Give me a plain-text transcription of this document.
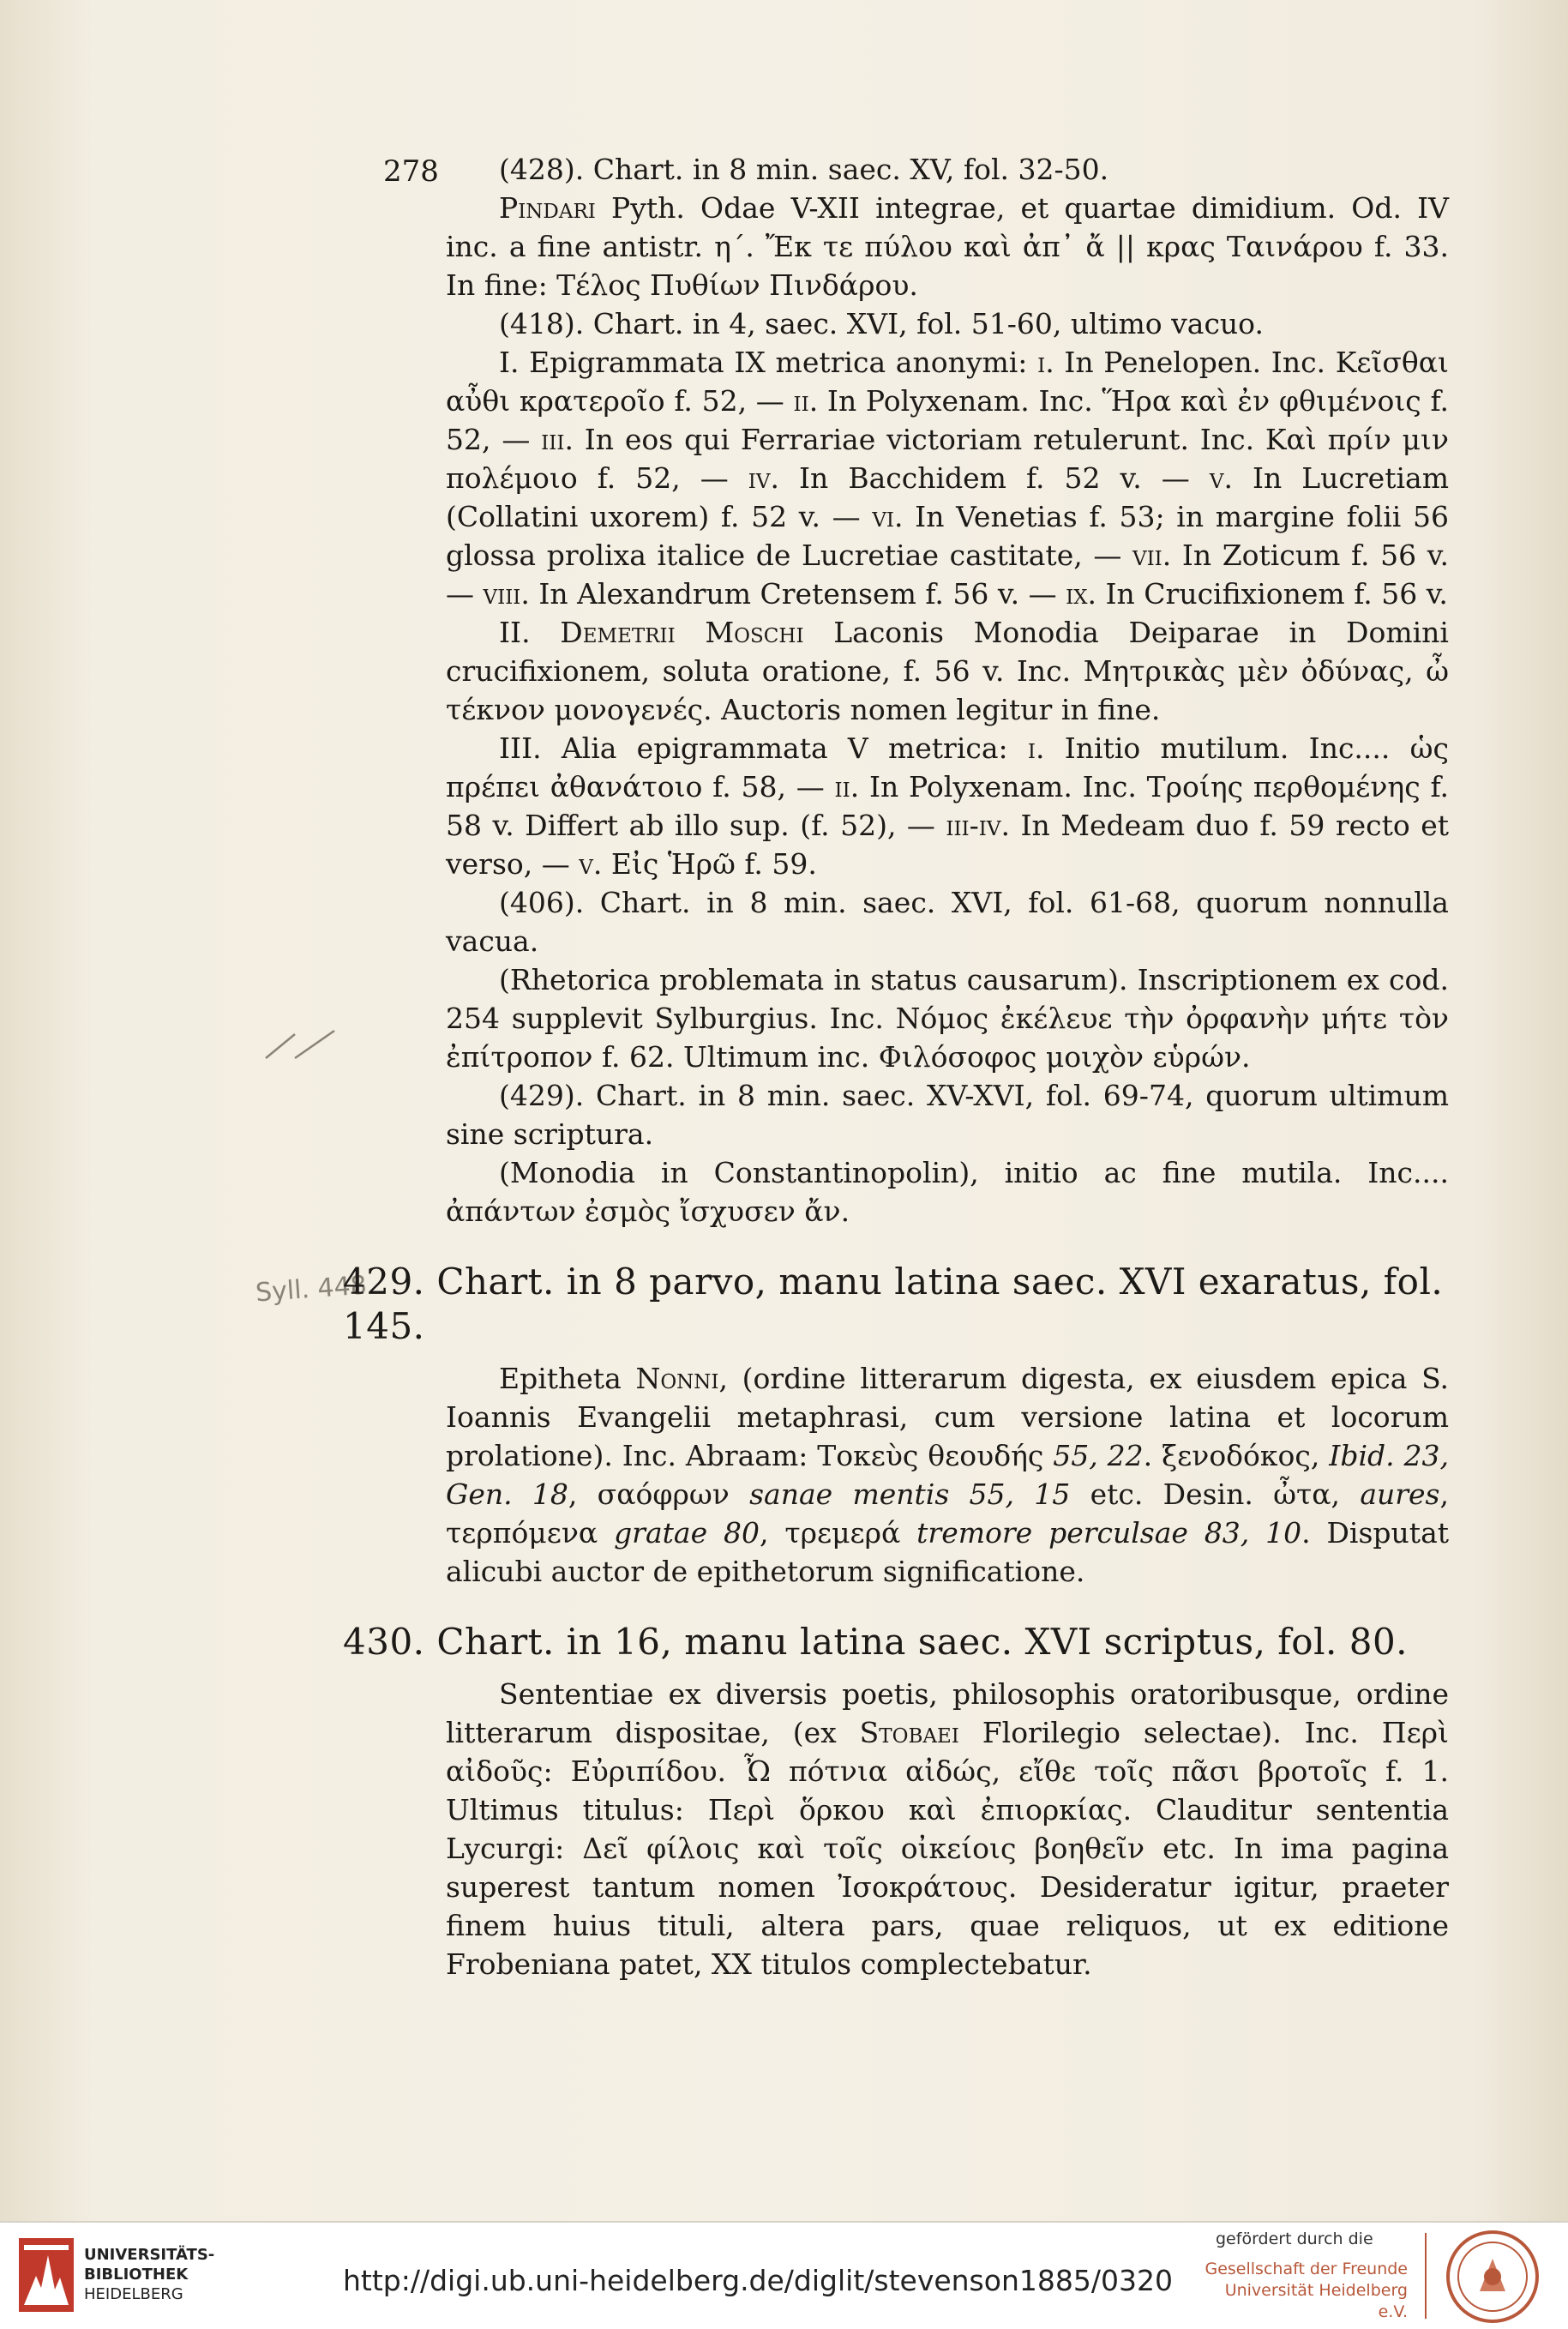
278
Syll. 448

(428). Chart. in 8 min. saec. XV, fol. 32-50.

Pindari Pyth. Odae V-XII integrae, et quartae dimidium. Od. IV inc. a fine antistr. η΄. Ἔκ τε πύλου καὶ ἀπ᾽ ἄ || κρας Ταινάρου f. 33. In fine: Τέλος Πυθίων Πινδάρου.

(418). Chart. in 4, saec. XVI, fol. 51-60, ultimo vacuo.

I. Epigrammata IX metrica anonymi: i. In Penelopen. Inc. Κεῖσθαι αὖθι κρατεροῖο f. 52, — ii. In Polyxenam. Inc. Ἥρα καὶ ἐν φθιμένοις f. 52, — iii. In eos qui Ferrariae victoriam retulerunt. Inc. Καὶ πρίν μιν πολέμοιο f. 52, — iv. In Bacchidem f. 52 v. — v. In Lucretiam (Collatini uxorem) f. 52 v. — vi. In Venetias f. 53; in margine folii 56 glossa prolixa italice de Lucretiae castitate, — vii. In Zoticum f. 56 v. — viii. In Alexandrum Cretensem f. 56 v. — ix. In Crucifixionem f. 56 v.

II. Demetrii Moschi Laconis Monodia Deiparae in Domini crucifixionem, soluta oratione, f. 56 v. Inc. Μητρικὰς μὲν ὀδύνας, ὦ τέκνον μονογενές. Auctoris nomen legitur in fine.

III. Alia epigrammata V metrica: i. Initio mutilum. Inc.... ὡς πρέπει ἀθανάτοιο f. 58, — ii. In Polyxenam. Inc. Τροίης περθομένης f. 58 v. Differt ab illo sup. (f. 52), — iii-iv. In Medeam duo f. 59 recto et verso, — v. Εἰς Ἡρῶ f. 59.

(406). Chart. in 8 min. saec. XVI, fol. 61-68, quorum nonnulla vacua.

(Rhetorica problemata in status causarum). Inscriptionem ex cod. 254 supplevit Sylburgius. Inc. Νόμος ἐκέλευε τὴν ὀρφανὴν μήτε τὸν ἐπίτροπον f. 62. Ultimum inc. Φιλόσοφος μοιχὸν εὑρών.

(429). Chart. in 8 min. saec. XV-XVI, fol. 69-74, quorum ultimum sine scriptura.

(Monodia in Constantinopolin), initio ac fine mutila. Inc.... ἀπάντων ἐσμὸς ἴσχυσεν ἄν.

429. Chart. in 8 parvo, manu latina saec. XVI exaratus, fol. 145.

Epitheta Nonni, (ordine litterarum digesta, ex eiusdem epica S. Ioannis Evangelii metaphrasi, cum versione latina et locorum prolatione). Inc. Abraam: Τοκεὺς θεουδής 55, 22. ξενοδόκος, Ibid. 23, Gen. 18, σαόφρων sanae mentis 55, 15 etc. Desin. ὦτα, aures, τερπόμενα gratae 80, τρεμερά tremore perculsae 83, 10. Disputat alicubi auctor de epithetorum significatione.

430. Chart. in 16, manu latina saec. XVI scriptus, fol. 80.

Sententiae ex diversis poetis, philosophis oratoribusque, ordine litterarum dispositae, (ex Stobaei Florilegio selectae). Inc. Περὶ αἰδοῦς: Εὐριπίδου. Ὦ πότνια αἰδώς, εἴθε τοῖς πᾶσι βροτοῖς f. 1. Ultimus titulus: Περὶ ὅρκου καὶ ἐπιορκίας. Clauditur sententia Lycurgi: Δεῖ φίλοις καὶ τοῖς οἰκείοις βοηθεῖν etc. In ima pagina superest tantum nomen Ἰσοκράτους. Desideratur igitur, praeter finem huius tituli, altera pars, quae reliquos, ut ex editione Frobeniana patet, XX titulos complectebatur.

UNIVERSITÄTS-
BIBLIOTHEK
HEIDELBERG	http://digi.ub.uni-heidelberg.de/diglit/stevenson1885/0320
gefördert durch die
Gesellschaft der Freunde
Universität Heidelberg e.V.
